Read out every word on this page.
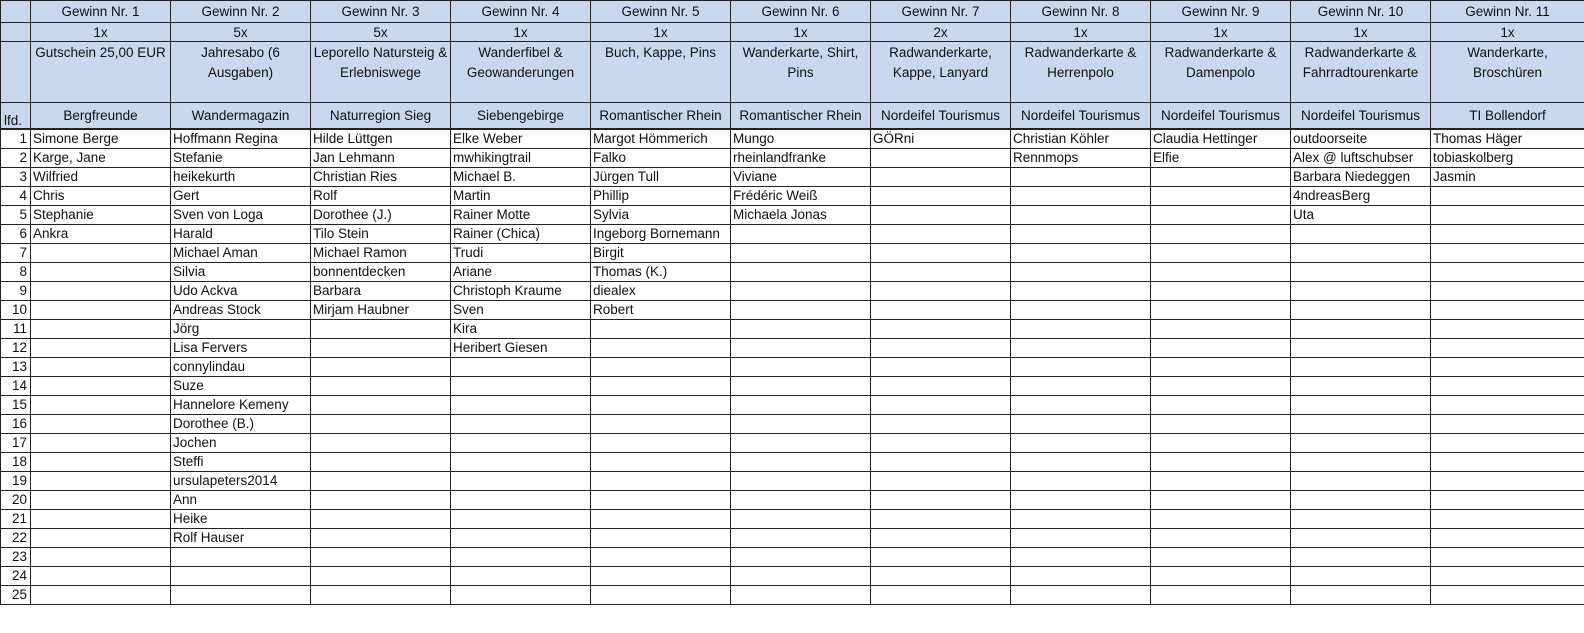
	Gewinn Nr. 1	Gewinn Nr. 2	Gewinn Nr. 3	Gewinn Nr. 4	Gewinn Nr. 5	Gewinn Nr. 6	Gewinn Nr. 7	Gewinn Nr. 8	Gewinn Nr. 9	Gewinn Nr. 10	Gewinn Nr. 11
	1x	5x	5x	1x	1x	1x	2x	1x	1x	1x	1x
	Gutschein 25,00 EUR	Jahresabo (6 Ausgaben)	Leporello Natursteig & Erlebniswege	Wanderfibel & Geowanderungen	Buch, Kappe, Pins	Wanderkarte, Shirt, Pins	Radwanderkarte, Kappe, Lanyard	Radwanderkarte & Herrenpolo	Radwanderkarte & Damenpolo	Radwanderkarte & Fahrradtourenkarte	Wanderkarte, Broschüren
lfd.	Bergfreunde	Wandermagazin	Naturregion Sieg	Siebengebirge	Romantischer Rhein	Romantischer Rhein	Nordeifel Tourismus	Nordeifel Tourismus	Nordeifel Tourismus	Nordeifel Tourismus	TI Bollendorf
1	Simone Berge	Hoffmann Regina	Hilde Lüttgen	Elke Weber	Margot Hömmerich	Mungo	GÖRni	Christian Köhler	Claudia Hettinger	outdoorseite	Thomas Häger
2	Karge, Jane	Stefanie	Jan Lehmann	mwhikingtrail	Falko	rheinlandfranke		Rennmops	Elfie	Alex @ luftschubser	tobiaskolberg
3	Wilfried	heikekurth	Christian Ries	Michael B.	Jürgen Tull	Viviane				Barbara Niedeggen	Jasmin
4	Chris	Gert	Rolf	Martin	Phillip	Frédéric Weiß				4ndreasBerg	
5	Stephanie	Sven von Loga	Dorothee (J.)	Rainer Motte	Sylvia	Michaela Jonas				Uta	
6	Ankra	Harald	Tilo Stein	Rainer (Chica)	Ingeborg Bornemann						
7		Michael Aman	Michael Ramon	Trudi	Birgit						
8		Silvia	bonnentdecken	Ariane	Thomas (K.)						
9		Udo Ackva	Barbara	Christoph Kraume	diealex						
10		Andreas Stock	Mirjam Haubner	Sven	Robert						
11		Jörg		Kira							
12		Lisa Fervers		Heribert Giesen							
13		connylindau									
14		Suze									
15		Hannelore Kemeny									
16		Dorothee (B.)									
17		Jochen									
18		Steffi									
19		ursulapeters2014									
20		Ann									
21		Heike									
22		Rolf Hauser									
23											
24											
25											
